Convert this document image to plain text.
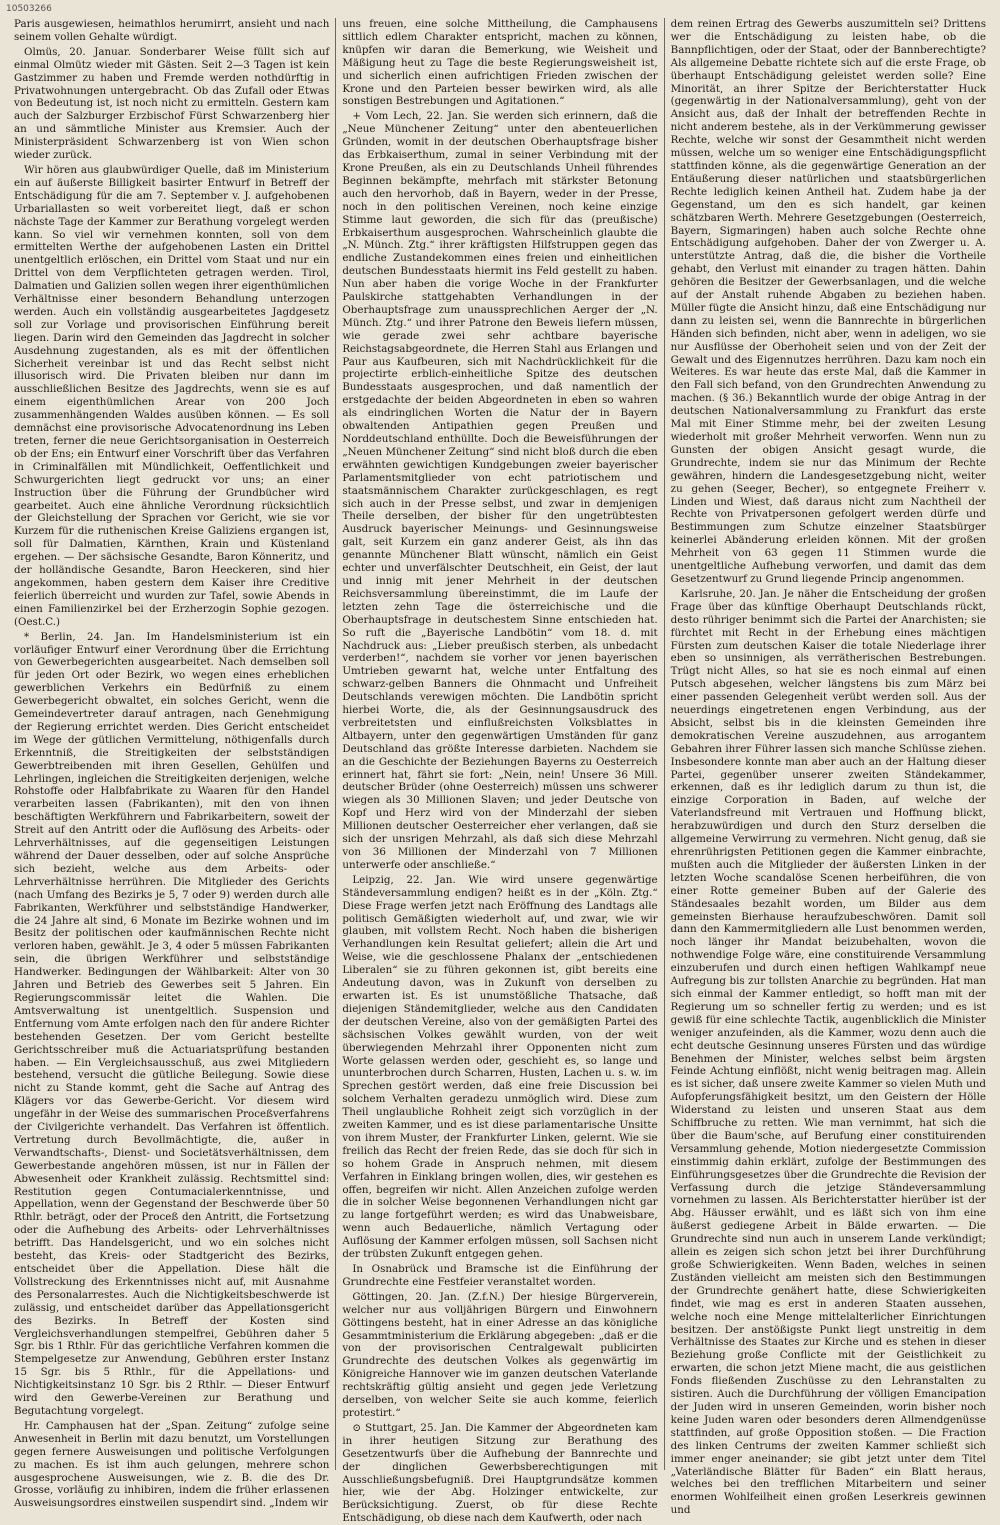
10503266

Paris ausgewiesen, heimathlos herumirrt, ansieht und nach seinem vollen Gehalte würdigt.

Olmüs, 20. Januar. Sonderbarer Weise füllt sich auf einmal Olmütz wieder mit Gästen. Seit 2—3 Tagen ist kein Gastzimmer zu haben und Fremde werden nothdürftig in Privatwohnungen untergebracht. Ob das Zufall oder Etwas von Bedeutung ist, ist noch nicht zu ermitteln. Gestern kam auch der Salzburger Erzbischof Fürst Schwarzenberg hier an und sämmtliche Minister aus Kremsier. Auch der Ministerpräsident Schwarzenberg ist von Wien schon wieder zurück.

Wir hören aus glaubwürdiger Quelle, daß im Ministerium ein auf äußerste Billigkeit basirter Entwurf in Betreff der Entschädigung für die am 7. September v. J. aufgehobenen Urbariallasten so weit vorbereitet liegt, daß er schon nächste Tage der Kammer zur Berathung vorgelegt werden kann. So viel wir vernehmen konnten, soll von dem ermittelten Werthe der aufgehobenen Lasten ein Drittel unentgeltlich erlöschen, ein Drittel vom Staat und nur ein Drittel von dem Verpflichteten getragen werden. Tirol, Dalmatien und Galizien sollen wegen ihrer eigenthümlichen Verhältnisse einer besondern Behandlung unterzogen werden. Auch ein vollständig ausgearbeitetes Jagdgesetz soll zur Vorlage und provisorischen Einführung bereit liegen. Darin wird den Gemeinden das Jagdrecht in solcher Ausdehnung zugestanden, als es mit der öffentlichen Sicherheit vereinbar ist und das Recht selbst nicht illusorisch wird. Die Privaten bleiben nur dann im ausschließlichen Besitze des Jagdrechts, wenn sie es auf einem eigenthümlichen Arear von 200 Joch zusammenhängenden Waldes ausüben können. — Es soll demnächst eine provisorische Advocatenordnung ins Leben treten, ferner die neue Gerichtsorganisation in Oesterreich ob der Ens; ein Entwurf einer Vorschrift über das Verfahren in Criminalfällen mit Mündlichkeit, Oeffentlichkeit und Schwurgerichten liegt gedruckt vor uns; an einer Instruction über die Führung der Grundbücher wird gearbeitet. Auch eine ähnliche Verordnung rücksichtlich der Gleichstellung der Sprachen vor Gericht, wie sie vor Kurzem für die ruthenischen Kreise Galiziens ergangen ist, soll für Dalmatien, Kärnthen, Krain und Küstenland ergehen. — Der sächsische Gesandte, Baron Könneritz, und der holländische Gesandte, Baron Heeckeren, sind hier angekommen, haben gestern dem Kaiser ihre Creditive feierlich überreicht und wurden zur Tafel, sowie Abends in einen Familienzirkel bei der Erzherzogin Sophie gezogen. (Oest.C.)

* Berlin, 24. Jan. Im Handelsministerium ist ein vorläufiger Entwurf einer Verordnung über die Errichtung von Gewerbegerichten ausgearbeitet. Nach demselben soll für jeden Ort oder Bezirk, wo wegen eines erheblichen gewerblichen Verkehrs ein Bedürfniß zu einem Gewerbegericht obwaltet, ein solches Gericht, wenn die Gemeindevertreter darauf antragen, nach Genehmigung der Regierung errichtet werden. Dies Gericht entscheidet im Wege der gütlichen Vermittelung, nöthigenfalls durch Erkenntniß, die Streitigkeiten der selbstständigen Gewerbtreibenden mit ihren Gesellen, Gehülfen und Lehrlingen, ingleichen die Streitigkeiten derjenigen, welche Rohstoffe oder Halbfabrikate zu Waaren für den Handel verarbeiten lassen (Fabrikanten), mit den von ihnen beschäftigten Werkführern und Fabrikarbeitern, soweit der Streit auf den Antritt oder die Auflösung des Arbeits- oder Lehrverhältnisses, auf die gegenseitigen Leistungen während der Dauer desselben, oder auf solche Ansprüche sich bezieht, welche aus dem Arbeits- oder Lehrverhältnisse herrühren. Die Mitglieder des Gerichts (nach Umfang des Bezirks je 5, 7 oder 9) werden durch alle Fabrikanten, Werkführer und selbstständige Handwerker, die 24 Jahre alt sind, 6 Monate im Bezirke wohnen und im Besitz der politischen oder kaufmännischen Rechte nicht verloren haben, gewählt. Je 3, 4 oder 5 müssen Fabrikanten sein, die übrigen Werkführer und selbstständige Handwerker. Bedingungen der Wählbarkeit: Alter von 30 Jahren und Betrieb des Gewerbes seit 5 Jahren. Ein Regierungscommissär leitet die Wahlen. Die Amtsverwaltung ist unentgeltlich. Suspension und Entfernung vom Amte erfolgen nach den für andere Richter bestehenden Gesetzen. Der vom Gericht bestellte Gerichtsschreiber muß die Actuariatsprüfung bestanden haben. — Ein Vergleichsausschuß, aus zwei Mitgliedern bestehend, versucht die gütliche Beilegung. Sowie diese nicht zu Stande kommt, geht die Sache auf Antrag des Klägers vor das Gewerbe-Gericht. Vor diesem wird ungefähr in der Weise des summarischen Proceßverfahrens der Civilgerichte verhandelt. Das Verfahren ist öffentlich. Vertretung durch Bevollmächtigte, die, außer in Verwandtschafts-, Dienst- und Societätsverhältnissen, dem Gewerbestande angehören müssen, ist nur in Fällen der Abwesenheit oder Krankheit zulässig. Rechtsmittel sind: Restitution gegen Contumacialerkenntnisse, und Appellation, wenn der Gegenstand der Beschwerde über 50 Rthlr. beträgt, oder der Proceß den Antritt, die Fortsetzung oder die Aufhebung des Arbeits- oder Lehrverhältnisses betrifft. Das Handelsgericht, und wo ein solches nicht besteht, das Kreis- oder Stadtgericht des Bezirks, entscheidet über die Appellation. Diese hält die Vollstreckung des Erkenntnisses nicht auf, mit Ausnahme des Personalarrestes. Auch die Nichtigkeitsbeschwerde ist zulässig, und entscheidet darüber das Appellationsgericht des Bezirks. In Betreff der Kosten sind Vergleichsverhandlungen stempelfrei, Gebühren daher 5 Sgr. bis 1 Rthlr. Für das gerichtliche Verfahren kommen die Stempelgesetze zur Anwendung, Gebühren erster Instanz 15 Sgr. bis 5 Rthlr., für die Appellations- und Nichtigkeitsinstanz 10 Sgr. bis 2 Rthlr. — Dieser Entwurf wird den Gewerbe-Vereinen zur Berathung und Begutachtung vorgelegt.

Hr. Camphausen hat der „Span. Zeitung“ zufolge seine Anwesenheit in Berlin mit dazu benutzt, um Vorstellungen gegen fernere Ausweisungen und politische Verfolgungen zu machen. Es ist ihm auch gelungen, mehrere schon ausgesprochene Ausweisungen, wie z. B. die des Dr. Grosse, vorläufig zu inhibiren, indem die früher erlassenen Ausweisungsordres einstweilen suspendirt sind. „Indem wir

uns freuen, eine solche Mittheilung, die Camphausens sittlich edlem Charakter entspricht, machen zu können, knüpfen wir daran die Bemerkung, wie Weisheit und Mäßigung heut zu Tage die beste Regierungsweisheit ist, und sicherlich einen aufrichtigen Frieden zwischen der Krone und den Parteien besser bewirken wird, als alle sonstigen Bestrebungen und Agitationen.“

+ Vom Lech, 22. Jan. Sie werden sich erinnern, daß die „Neue Münchener Zeitung“ unter den abenteuerlichen Gründen, womit in der deutschen Oberhauptsfrage bisher das Erbkaiserthum, zumal in seiner Verbindung mit der Krone Preußen, als ein zu Deutschlands Unheil führendes Beginnen bekämpfte, mehrfach mit stärkster Betonung auch den hervorhob, daß in Bayern, weder in der Presse, noch in den politischen Vereinen, noch keine einzige Stimme laut geworden, die sich für das (preußische) Erbkaiserthum ausgesprochen. Wahrscheinlich glaubte die „N. Münch. Ztg.“ ihrer kräftigsten Hilfstruppen gegen das endliche Zustandekommen eines freien und einheitlichen deutschen Bundesstaats hiermit ins Feld gestellt zu haben. Nun aber haben die vorige Woche in der Frankfurter Paulskirche stattgehabten Verhandlungen in der Oberhauptsfrage zum unaussprechlichen Aerger der „N. Münch. Ztg.“ und ihrer Patrone den Beweis liefern müssen, wie gerade zwei sehr achtbare bayerische Reichstagsabgeordnete, die Herren Stahl aus Erlangen und Paur aus Kaufbeuren, sich mit Nachdrücklichkeit für die projectirte erblich-einheitliche Spitze des deutschen Bundesstaats ausgesprochen, und daß namentlich der erstgedachte der beiden Abgeordneten in eben so wahren als eindringlichen Worten die Natur der in Bayern obwaltenden Antipathien gegen Preußen und Norddeutschland enthüllte. Doch die Beweisführungen der „Neuen Münchener Zeitung“ sind nicht bloß durch die eben erwähnten gewichtigen Kundgebungen zweier bayerischer Parlamentsmitglieder von echt patriotischem und staatsmännischem Charakter zurückgeschlagen, es regt sich auch in der Presse selbst, und zwar in demjenigen Theile derselben, der bisher für den ungetrübtesten Ausdruck bayerischer Meinungs- und Gesinnungsweise galt, seit Kurzem ein ganz anderer Geist, als ihn das genannte Münchener Blatt wünscht, nämlich ein Geist echter und unverfälschter Deutschheit, ein Geist, der laut und innig mit jener Mehrheit in der deutschen Reichsversammlung übereinstimmt, die im Laufe der letzten zehn Tage die österreichische und die Oberhauptsfrage in deutschestem Sinne entschieden hat. So ruft die „Bayerische Landbötin“ vom 18. d. mit Nachdruck aus: „Lieber preußisch sterben, als unbedacht verderben!“, nachdem sie vorher vor jenen bayerischen Umtrieben gewarnt hat, welche unter Entfaltung des schwarz-gelben Banners die Ohnmacht und Unfreiheit Deutschlands verewigen möchten. Die Landbötin spricht hierbei Worte, die, als der Gesinnungsausdruck des verbreitetsten und einflußreichsten Volksblattes in Altbayern, unter den gegenwärtigen Umständen für ganz Deutschland das größte Interesse darbieten. Nachdem sie an die Geschichte der Beziehungen Bayerns zu Oesterreich erinnert hat, fährt sie fort: „Nein, nein! Unsere 36 Mill. deutscher Brüder (ohne Oesterreich) müssen uns schwerer wiegen als 30 Millionen Slaven; und jeder Deutsche von Kopf und Herz wird von der Minderzahl der sieben Millionen deutscher Oesterreicher eher verlangen, daß sie sich der unsrigen Mehrzahl, als daß sich diese Mehrzahl von 36 Millionen der Minderzahl von 7 Millionen unterwerfe oder anschließe.“

Leipzig, 22. Jan. Wie wird unsere gegenwärtige Ständeversammlung endigen? heißt es in der „Köln. Ztg.“ Diese Frage werfen jetzt nach Eröffnung des Landtags alle politisch Gemäßigten wiederholt auf, und zwar, wie wir glauben, mit vollstem Recht. Noch haben die bisherigen Verhandlungen kein Resultat geliefert; allein die Art und Weise, wie die geschlossene Phalanx der „entschiedenen Liberalen“ sie zu führen gekonnen ist, gibt bereits eine Andeutung davon, was in Zukunft von derselben zu erwarten ist. Es ist unumstößliche Thatsache, daß diejenigen Ständemitglieder, welche aus den Candidaten der deutschen Vereine, also von der gemäßigten Partei des sächsischen Volkes gewählt wurden, von der weit überwiegenden Mehrzahl ihrer Opponenten nicht zum Worte gelassen werden oder, geschieht es, so lange und ununterbrochen durch Scharren, Husten, Lachen u. s. w. im Sprechen gestört werden, daß eine freie Discussion bei solchem Verhalten geradezu unmöglich wird. Diese zum Theil unglaubliche Rohheit zeigt sich vorzüglich in der zweiten Kammer, und es ist diese parlamentarische Unsitte von ihrem Muster, der Frankfurter Linken, gelernt. Wie sie freilich das Recht der freien Rede, das sie doch für sich in so hohem Grade in Anspruch nehmen, mit diesem Verfahren in Einklang bringen wollen, dies, wir gestehen es offen, begreifen wir nicht. Allen Anzeichen zufolge werden die in solcher Weise begonnenen Verhandlungen nicht gar zu lange fortgeführt werden; es wird das Unabweisbare, wenn auch Bedauerliche, nämlich Vertagung oder Auflösung der Kammer erfolgen müssen, soll Sachsen nicht der trübsten Zukunft entgegen gehen.

In Osnabrück und Bramsche ist die Einführung der Grundrechte eine Festfeier veranstaltet worden.

Göttingen, 20. Jan. (Z.f.N.) Der hiesige Bürgerverein, welcher nur aus volljährigen Bürgern und Einwohnern Göttingens besteht, hat in einer Adresse an das königliche Gesammtministerium die Erklärung abgegeben: „daß er die von der provisorischen Centralgewalt publicirten Grundrechte des deutschen Volkes als gegenwärtig im Königreiche Hannover wie im ganzen deutschen Vaterlande rechtskräftig gültig ansieht und gegen jede Verletzung derselben, von welcher Seite sie auch komme, feierlich protestirt.“

⊙ Stuttgart, 25. Jan. Die Kammer der Abgeordneten kam in ihrer heutigen Sitzung zur Berathung des Gesetzentwurfs über die Aufhebung der Bannrechte und der dinglichen Gewerbsberechtigungen mit Ausschließungsbefugniß. Drei Hauptgrundsätze kommen hier, wie der Abg. Holzinger entwickelte, zur Berücksichtigung. Zuerst, ob für diese Rechte Entschädigung, ob diese nach dem Kaufwerth, oder nach

dem reinen Ertrag des Gewerbs auszumitteln sei? Drittens wer die Entschädigung zu leisten habe, ob die Bannpflichtigen, oder der Staat, oder der Bannberechtigte? Als allgemeine Debatte richtete sich auf die erste Frage, ob überhaupt Entschädigung geleistet werden solle? Eine Minorität, an ihrer Spitze der Berichterstatter Huck (gegenwärtig in der Nationalversammlung), geht von der Ansicht aus, daß der Inhalt der betreffenden Rechte in nicht anderem bestehe, als in der Verkümmerung gewisser Rechte, welche wir sonst der Gesammtheit nicht werden müssen, welche um so weniger eine Entschädigungspflicht stattfinden könne, als die gegenwärtige Generation an der Entäußerung dieser natürlichen und staatsbürgerlichen Rechte lediglich keinen Antheil hat. Zudem habe ja der Gegenstand, um den es sich handelt, gar keinen schätzbaren Werth. Mehrere Gesetzgebungen (Oesterreich, Bayern, Sigmaringen) haben auch solche Rechte ohne Entschädigung aufgehoben. Daher der von Zwerger u. A. unterstützte Antrag, daß die, die bisher die Vortheile gehabt, den Verlust mit einander zu tragen hätten. Dahin gehören die Besitzer der Gewerbsanlagen, und die welche auf der Anstalt ruhende Abgaben zu beziehen haben. Müller fügte die Ansicht hinzu, daß eine Entschädigung nur dann zu leisten sei, wenn die Bannrechte in bürgerlichen Händen sich befinden, nicht aber, wenn in adeligen, wo sie nur Ausflüsse der Oberhoheit seien und von der Zeit der Gewalt und des Eigennutzes herrühren. Dazu kam noch ein Weiteres. Es war heute das erste Mal, daß die Kammer in den Fall sich befand, von den Grundrechten Anwendung zu machen. (§ 36.) Bekanntlich wurde der obige Antrag in der deutschen Nationalversammlung zu Frankfurt das erste Mal mit Einer Stimme mehr, bei der zweiten Lesung wiederholt mit großer Mehrheit verworfen. Wenn nun zu Gunsten der obigen Ansicht gesagt wurde, die Grundrechte, indem sie nur das Minimum der Rechte gewähren, hindern die Landesgesetzgebung nicht, weiter zu gehen (Seeger, Becher), so entgegnete Freiherr v. Linden und Wiest, daß daraus nicht zum Nachtheil der Rechte von Privatpersonen gefolgert werden dürfe und Bestimmungen zum Schutze einzelner Staatsbürger keinerlei Abänderung erleiden können. Mit der großen Mehrheit von 63 gegen 11 Stimmen wurde die unentgeltliche Aufhebung verworfen, und damit das dem Gesetzentwurf zu Grund liegende Princip angenommen.

Karlsruhe, 20. Jan. Je näher die Entscheidung der großen Frage über das künftige Oberhaupt Deutschlands rückt, desto rühriger benimmt sich die Partei der Anarchisten; sie fürchtet mit Recht in der Erhebung eines mächtigen Fürsten zum deutschen Kaiser die totale Niederlage ihrer eben so unsinnigen, als verrätherischen Bestrebungen. Trügt nicht Alles, so hat sie es noch einmal auf einen Putsch abgesehen, welcher längstens bis zum März bei einer passenden Gelegenheit verübt werden soll. Aus der neuerdings eingetretenen engen Verbindung, aus der Absicht, selbst bis in die kleinsten Gemeinden ihre demokratischen Vereine auszudehnen, aus arrogantem Gebahren ihrer Führer lassen sich manche Schlüsse ziehen. Insbesondere konnte man aber auch an der Haltung dieser Partei, gegenüber unserer zweiten Ständekammer, erkennen, daß es ihr lediglich darum zu thun ist, die einzige Corporation in Baden, auf welche der Vaterlandsfreund mit Vertrauen und Hoffnung blickt, herabzuwürdigen und durch den Sturz derselben die allgemeine Verwirrung zu vermehren. Nicht genug, daß sie ehrenrührigsten Petitionen gegen die Kammer einbrachte, mußten auch die Mitglieder der äußersten Linken in der letzten Woche scandalöse Scenen herbeiführen, die von einer Rotte gemeiner Buben auf der Galerie des Ständesaales bezahlt worden, um Bilder aus dem gemeinsten Bierhause heraufzubeschwören. Damit soll dann den Kammermitgliedern alle Lust benommen werden, noch länger ihr Mandat beizubehalten, wovon die nothwendige Folge wäre, eine constituirende Versammlung einzuberufen und durch einen heftigen Wahlkampf neue Aufregung bis zur tollsten Anarchie zu begründen. Hat man sich einmal der Kammer entledigt, so hofft man mit der Regierung um so schneller fertig zu werden; und es ist gewiß für eine schlechte Tactik, augenblicklich die Minister weniger anzufeinden, als die Kammer, wozu denn auch die echt deutsche Gesinnung unseres Fürsten und das würdige Benehmen der Minister, welches selbst beim ärgsten Feinde Achtung einflößt, nicht wenig beitragen mag. Allein es ist sicher, daß unsere zweite Kammer so vielen Muth und Aufopferungsfähigkeit besitzt, um den Geistern der Hölle Widerstand zu leisten und unseren Staat aus dem Schiffbruche zu retten. Wie man vernimmt, hat sich die über die Baum'sche, auf Berufung einer constituirenden Versammlung gehende, Motion niedergesetzte Commission einstimmig dahin erklärt, zufolge der Bestimmungen des Einführungsgesetzes über die Grundrechte die Revision der Verfassung durch die jetzige Ständeversammlung vornehmen zu lassen. Als Berichterstatter hierüber ist der Abg. Häusser erwählt, und es läßt sich von ihm eine äußerst gediegene Arbeit in Bälde erwarten. — Die Grundrechte sind nun auch in unserem Lande verkündigt; allein es zeigen sich schon jetzt bei ihrer Durchführung große Schwierigkeiten. Wenn Baden, welches in seinen Zuständen vielleicht am meisten sich den Bestimmungen der Grundrechte genähert hatte, diese Schwierigkeiten findet, wie mag es erst in anderen Staaten aussehen, welche noch eine Menge mittelalterlicher Einrichtungen besitzen. Der anstößigste Punkt liegt unstreitig in dem Verhältnisse des Staates zur Kirche und es stehen in dieser Beziehung große Conflicte mit der Geistlichkeit zu erwarten, die schon jetzt Miene macht, die aus geistlichen Fonds fließenden Zuschüsse zu den Lehranstalten zu sistiren. Auch die Durchführung der völligen Emancipation der Juden wird in unseren Gemeinden, worin bisher noch keine Juden waren oder besonders deren Allmendgenüsse stattfinden, auf große Opposition stoßen. — Die Fraction des linken Centrums der zweiten Kammer schließt sich immer enger aneinander; sie gibt jetzt unter dem Titel „Vaterländische Blätter für Baden“ ein Blatt heraus, welches bei den trefflichen Mitarbeitern und seiner enormen Wohlfeilheit einen großen Leserkreis gewinnen und
